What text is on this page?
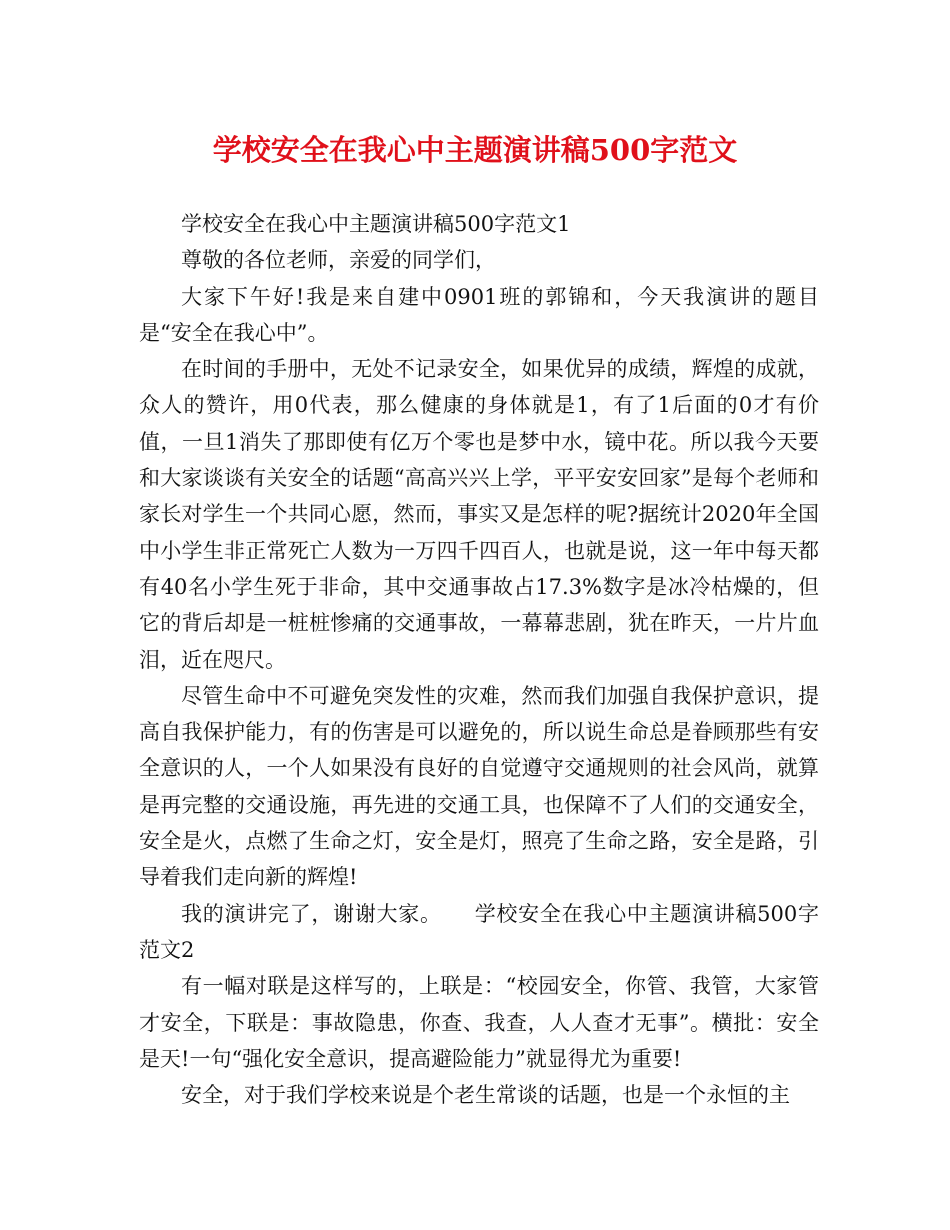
学校安全在我心中主题演讲稿500字范文

学校安全在我心中主题演讲稿500字范文1

尊敬的各位老师，亲爱的同学们，

大家下午好!我是来自建中0901班的郭锦和，今天我演讲的题目是“安全在我心中”。

在时间的手册中，无处不记录安全，如果优异的成绩，辉煌的成就，众人的赞许，用0代表，那么健康的身体就是1，有了1后面的0才有价值，一旦1消失了那即使有亿万个零也是梦中水，镜中花。所以我今天要和大家谈谈有关安全的话题“高高兴兴上学，平平安安回家”是每个老师和家长对学生一个共同心愿，然而，事实又是怎样的呢?据统计2020年全国中小学生非正常死亡人数为一万四千四百人，也就是说，这一年中每天都有40名小学生死于非命，其中交通事故占17.3%数字是冰冷枯燥的，但它的背后却是一桩桩惨痛的交通事故，一幕幕悲剧，犹在昨天，一片片血泪，近在咫尺。

尽管生命中不可避免突发性的灾难，然而我们加强自我保护意识，提高自我保护能力，有的伤害是可以避免的，所以说生命总是眷顾那些有安全意识的人，一个人如果没有良好的自觉遵守交通规则的社会风尚，就算是再完整的交通设施，再先进的交通工具，也保障不了人们的交通安全，安全是火，点燃了生命之灯，安全是灯，照亮了生命之路，安全是路，引导着我们走向新的辉煌!

我的演讲完了，谢谢大家。　　学校安全在我心中主题演讲稿500字范文2

有一幅对联是这样写的，上联是：“校园安全，你管、我管，大家管才安全，下联是：事故隐患，你查、我查，人人查才无事”。横批：安全是天!一句“强化安全意识，提高避险能力”就显得尤为重要!

安全，对于我们学校来说是个老生常谈的话题，也是一个永恒的主
